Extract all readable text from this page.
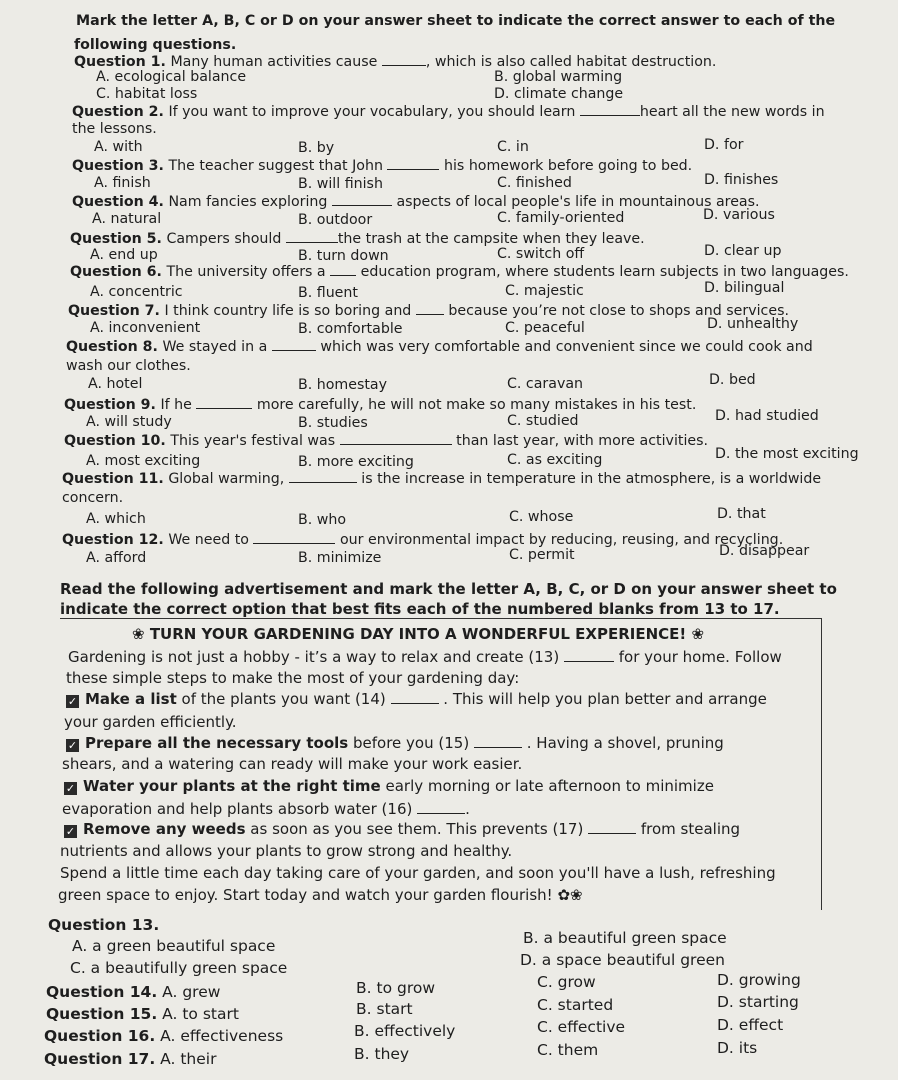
Mark the letter A, B, C or D on your answer sheet to indicate the correct answer to each of the
following questions.
Question 1. Many human activities cause	, which is also called habitat destruction.
A. ecological balance	B. global warming
C. habitat loss	D. climate change
Question 2. If you want to improve your vocabulary, you should learn	heart all the new words in
the lessons.
A. with	B. by	C. in	D. for
Question 3. The teacher suggest that John	his homework before going to bed.
A. finish	B. will finish	C. finished	D. finishes
Question 4. Nam fancies exploring	aspects of local people's life in mountainous areas.
A. natural	B. outdoor	C. family-oriented	D. various
Question 5. Campers should	the trash at the campsite when they leave.
A. end up	B. turn down	C. switch off	D. clear up
Question 6. The university offers a education program, where students learn subjects in two languages.
A. concentric	B. fluent	C. majestic	D. bilingual
Question 7. I think country life is so boring and	because you’re not close to shops and services.
A. inconvenient	B. comfortable	C. peaceful	D. unhealthy
Question 8. We stayed in a	which was very comfortable and convenient since we could cook and
wash our clothes.
A. hotel	B. homestay	C. caravan	D. bed
Question 9. If he	more carefully, he will not make so many mistakes in his test.
A. will study	B. studies	C. studied	D. had studied
Question 10. This year's festival was	than last year, with more activities.
A. most exciting	B. more exciting	C. as exciting	D. the most exciting
Question 11. Global warming,	is the increase in temperature in the atmosphere, is a worldwide
concern.
A. which	B. who	C. whose	D. that
Question 12. We need to	our environmental impact by reducing, reusing, and recycling.
A. afford	B. minimize	C. permit	D. disappear
Read the following advertisement and mark the letter A, B, C, or D on your answer sheet to
indicate the correct option that best fits each of the numbered blanks from 13 to 17.
❀ TURN YOUR GARDENING DAY INTO A WONDERFUL EXPERIENCE! ❀
Gardening is not just a hobby - it’s a way to relax and create (13)	for your home. Follow
these simple steps to make the most of your gardening day:
✓ Make a list of the plants you want (14)	. This will help you plan better and arrange
your garden efficiently.
✓ Prepare all the necessary tools before you (15)	. Having a shovel, pruning
shears, and a watering can ready will make your work easier.
✓ Water your plants at the right time early morning or late afternoon to minimize
evaporation and help plants absorb water (16)	.
✓ Remove any weeds as soon as you see them. This prevents (17)	from stealing
nutrients and allows your plants to grow strong and healthy.
Spend a little time each day taking care of your garden, and soon you'll have a lush, refreshing
green space to enjoy. Start today and watch your garden flourish! ✿❀
Question 13.
A. a green beautiful space	B. a beautiful green space
C. a beautifully green space	D. a space beautiful green
Question 14. A. grew	B. to grow	C. grow	D. growing
Question 15. A. to start	B. start	C. started	D. starting
Question 16. A. effectiveness	B. effectively	C. effective	D. effect
Question 17. A. their	B. they	C. them	D. its
